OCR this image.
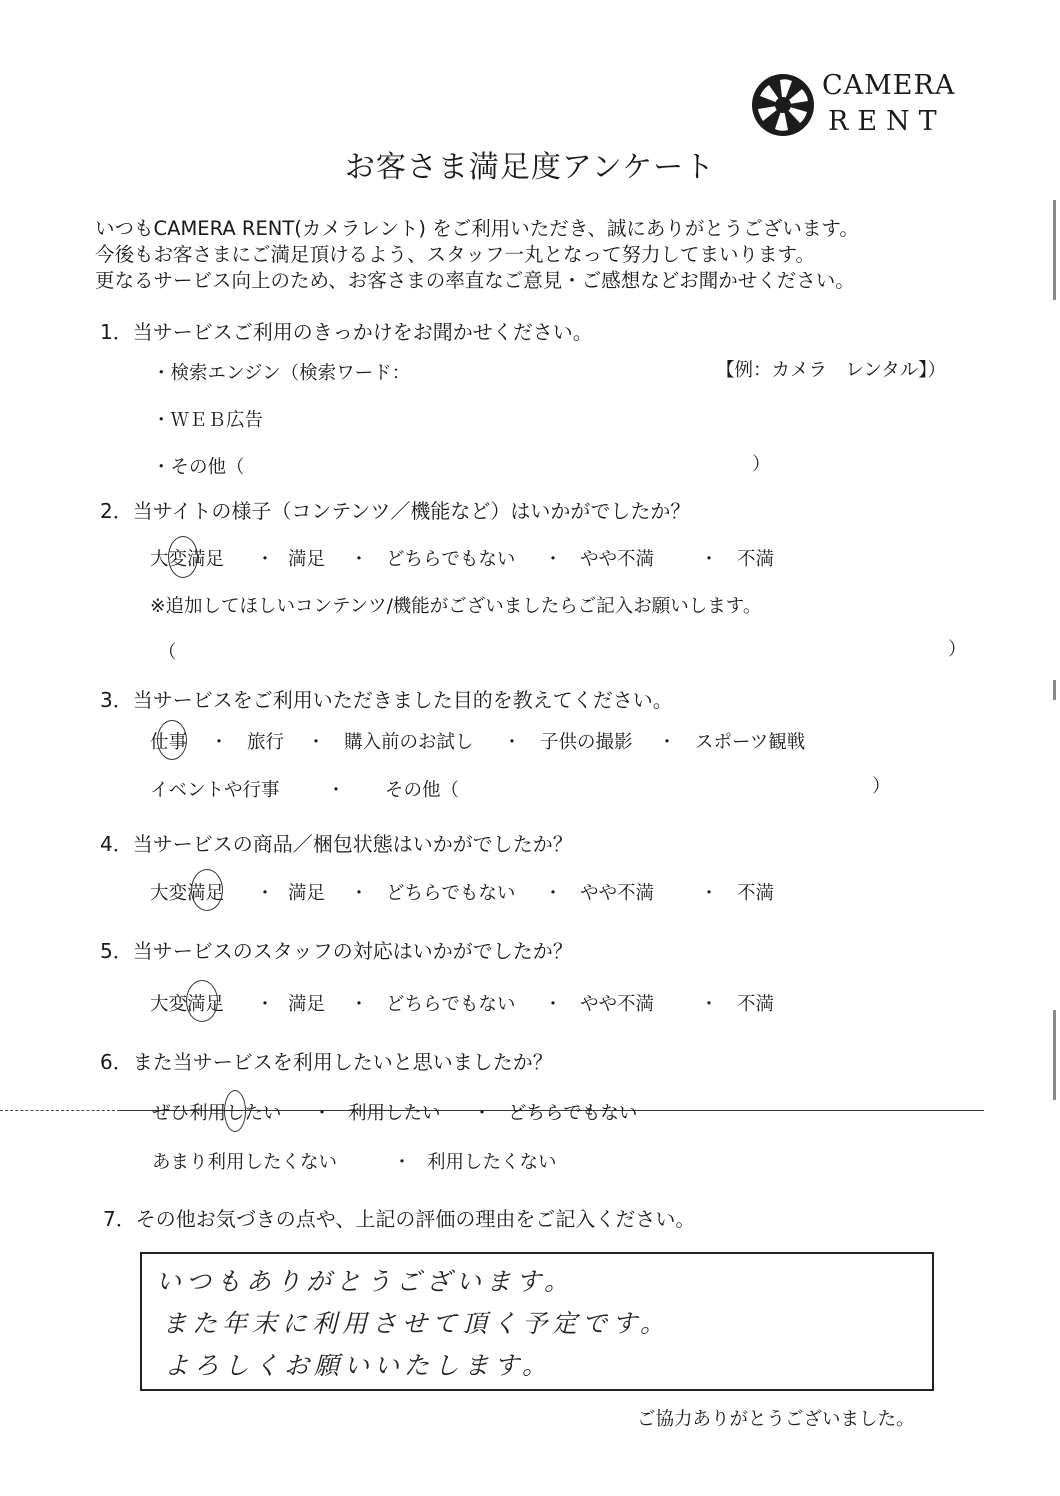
CAMERA
RENT
お客さま満足度アンケート
いつもCAMERA RENT(カメラレント) をご利用いただき、誠にありがとうございます。
今後もお客さまにご満足頂けるよう、スタッフ一丸となって努力してまいります。
更なるサービス向上のため、お客さまの率直なご意見・ご感想などお聞かせください。
1．当サービスご利用のきっかけをお聞かせください。
・検索エンジン（検索ワード：	【例：カメラ　レンタル】）
・ＷＥＢ広告
・その他（	）
2．当サイトの様子（コンテンツ／機能など）はいかがでしたか？
大変満足 ・ 満足 ・ どちらでもない ・ やや不満	・ 不満
※追加してほしいコンテンツ/機能がございましたらご記入お願いします。
（	）
3．当サービスをご利用いただきました目的を教えてください。
仕事 ・ 旅行 ・ 購入前のお試し ・ 子供の撮影 ・ スポーツ観戦
イベントや行事	・ その他（	）
4．当サービスの商品／梱包状態はいかがでしたか？
大変満足 ・ 満足 ・ どちらでもない ・ やや不満	・ 不満
5．当サービスのスタッフの対応はいかがでしたか？
大変満足 ・ 満足 ・ どちらでもない ・ やや不満	・ 不満
6．また当サービスを利用したいと思いましたか？
ぜひ利用したい ・ 利用したい ・ どちらでもない
あまり利用したくない	・ 利用したくない
7．その他お気づきの点や、上記の評価の理由をご記入ください。
いつもありがとうございます。
また年末に利用させて頂く予定です。
よろしくお願いいたします。
ご協力ありがとうございました。
